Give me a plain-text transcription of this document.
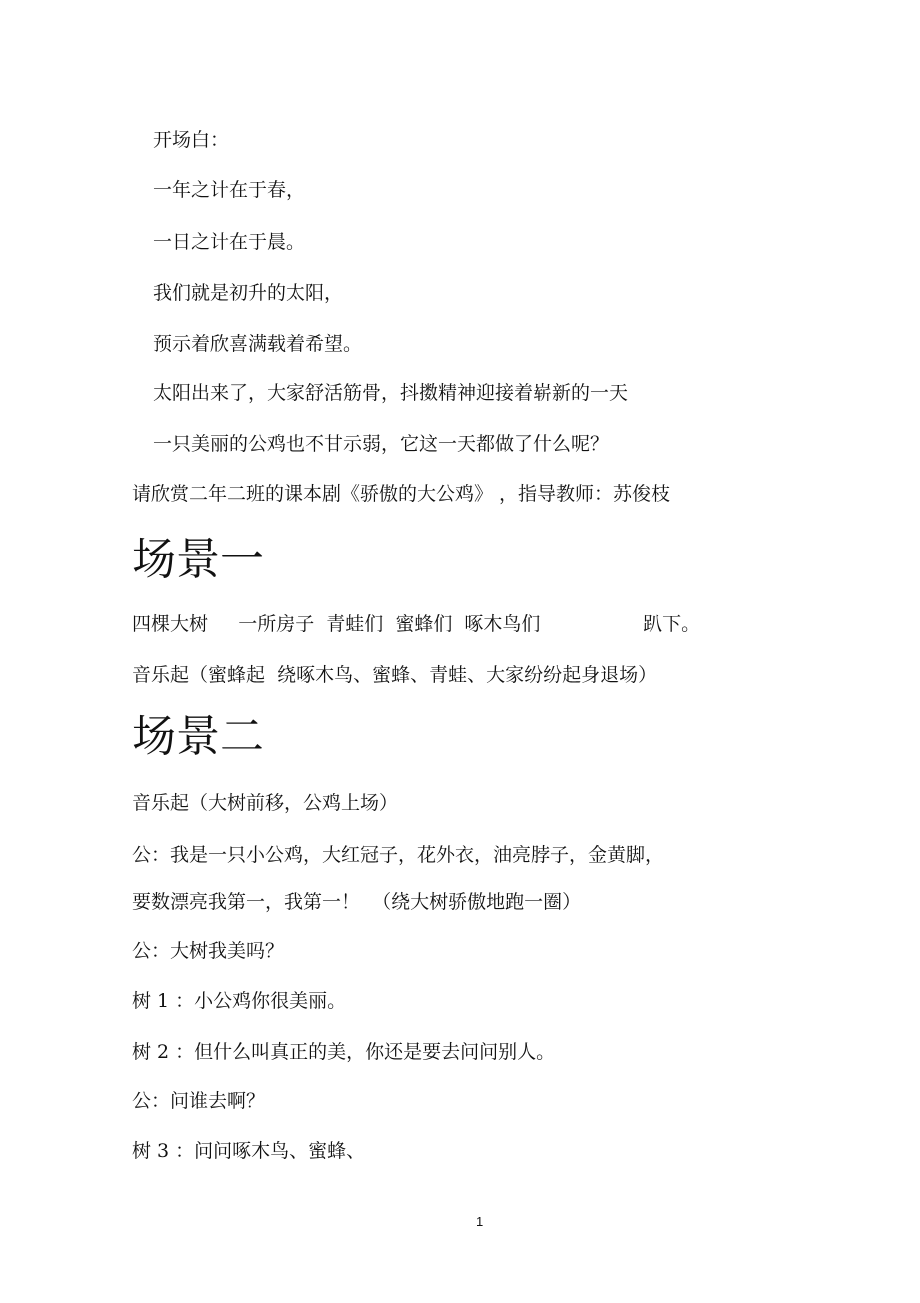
开场白：

一年之计在于春，

一日之计在于晨。

我们就是初升的太阳，

预示着欣喜满载着希望。

太阳出来了，大家舒活筋骨，抖擞精神迎接着崭新的一天

一只美丽的公鸡也不甘示弱，它这一天都做了什么呢？

请欣赏二年二班的课本剧《骄傲的大公鸡》 ，指导教师：苏俊枝

场景一

四棵大树     一所房子  青蛙们  蜜蜂们  啄木鸟们                 趴下。

音乐起（蜜蜂起  绕啄木鸟、蜜蜂、青蛙、大家纷纷起身退场）

场景二

音乐起（大树前移，公鸡上场）

公：我是一只小公鸡，大红冠子，花外衣，油亮脖子，金黄脚，

要数漂亮我第一，我第一！  （绕大树骄傲地跑一圈）

公：大树我美吗？

树 1 ：小公鸡你很美丽。

树 2 ：但什么叫真正的美，你还是要去问问别人。

公：问谁去啊？

树 3 ：问问啄木鸟、蜜蜂、

1
